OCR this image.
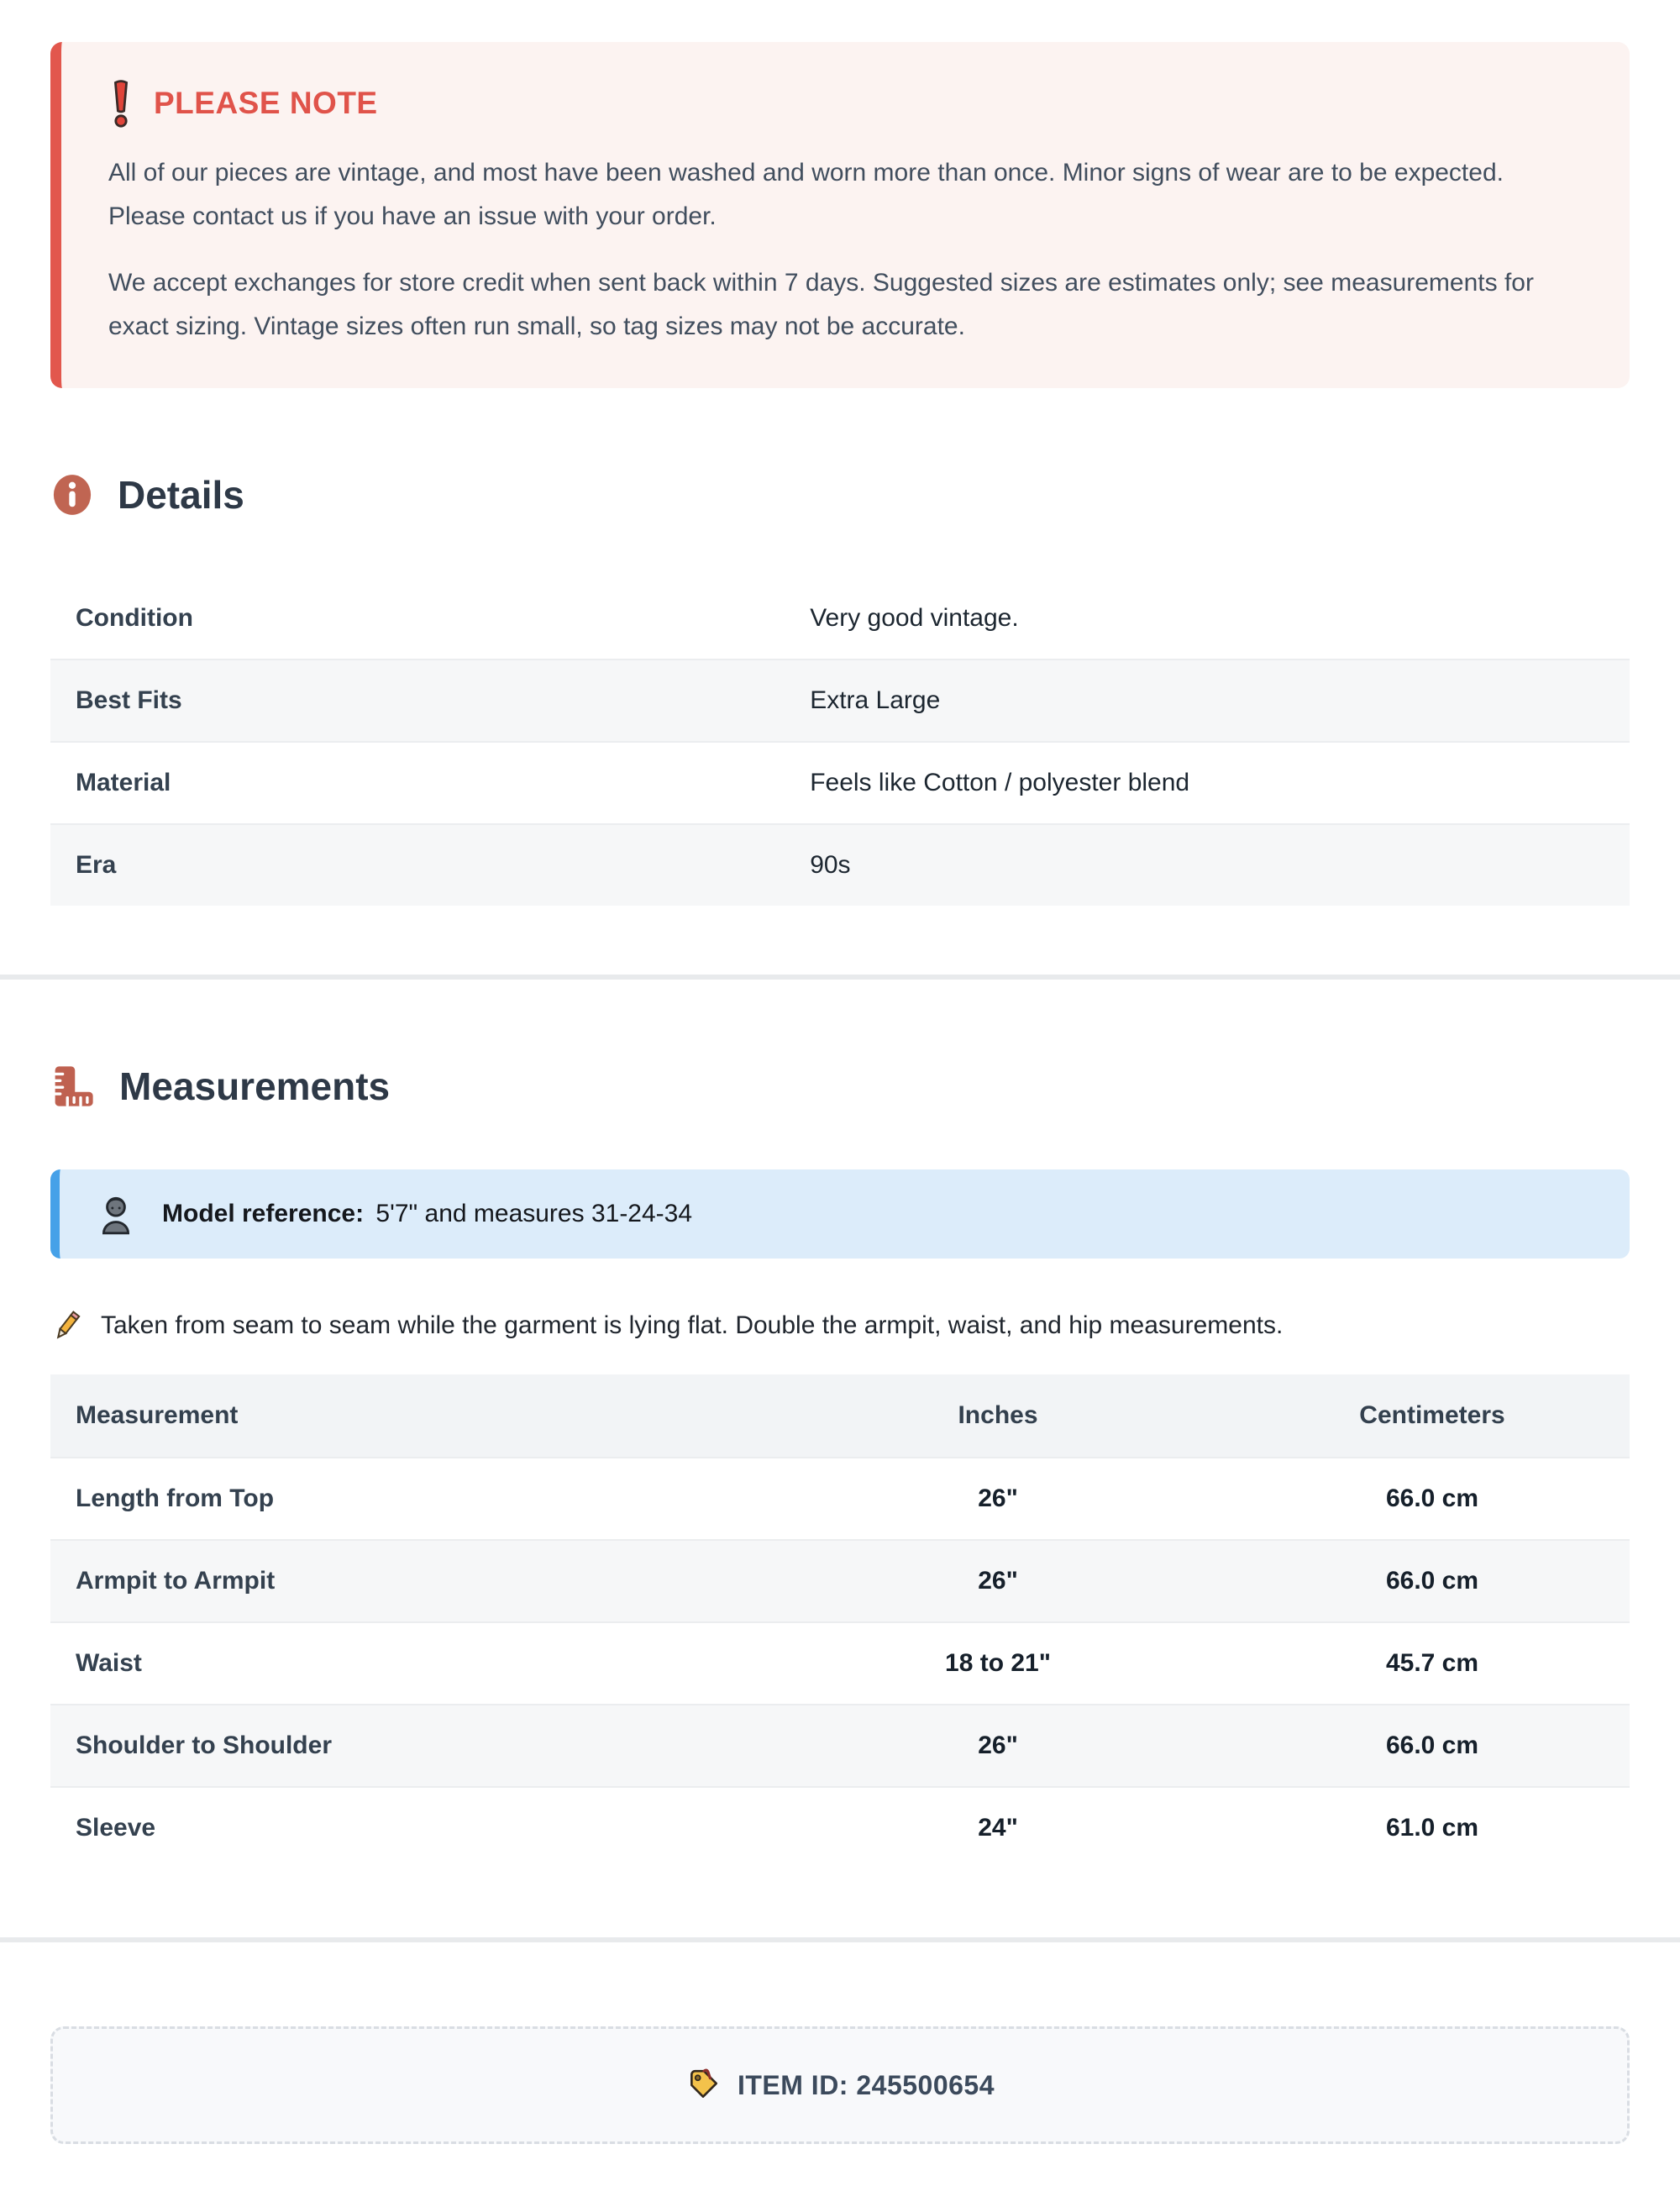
PLEASE NOTE

All of our pieces are vintage, and most have been washed and worn more than once. Minor signs of wear are to be expected. Please contact us if you have an issue with your order.

We accept exchanges for store credit when sent back within 7 days. Suggested sizes are estimates only; see measurements for exact sizing. Vintage sizes often run small, so tag sizes may not be accurate.

Details
Condition	Very good vintage.
Best Fits	Extra Large
Material	Feels like Cotton / polyester blend
Era	90s
Measurements
Model reference: 5'7" and measures 31-24-34
Taken from seam to seam while the garment is lying flat. Double the armpit, waist, and hip measurements.
Measurement	Inches	Centimeters
Length from Top	26"	66.0 cm
Armpit to Armpit	26"	66.0 cm
Waist	18 to 21"	45.7 cm
Shoulder to Shoulder	26"	66.0 cm
Sleeve	24"	61.0 cm
ITEM ID: 245500654
